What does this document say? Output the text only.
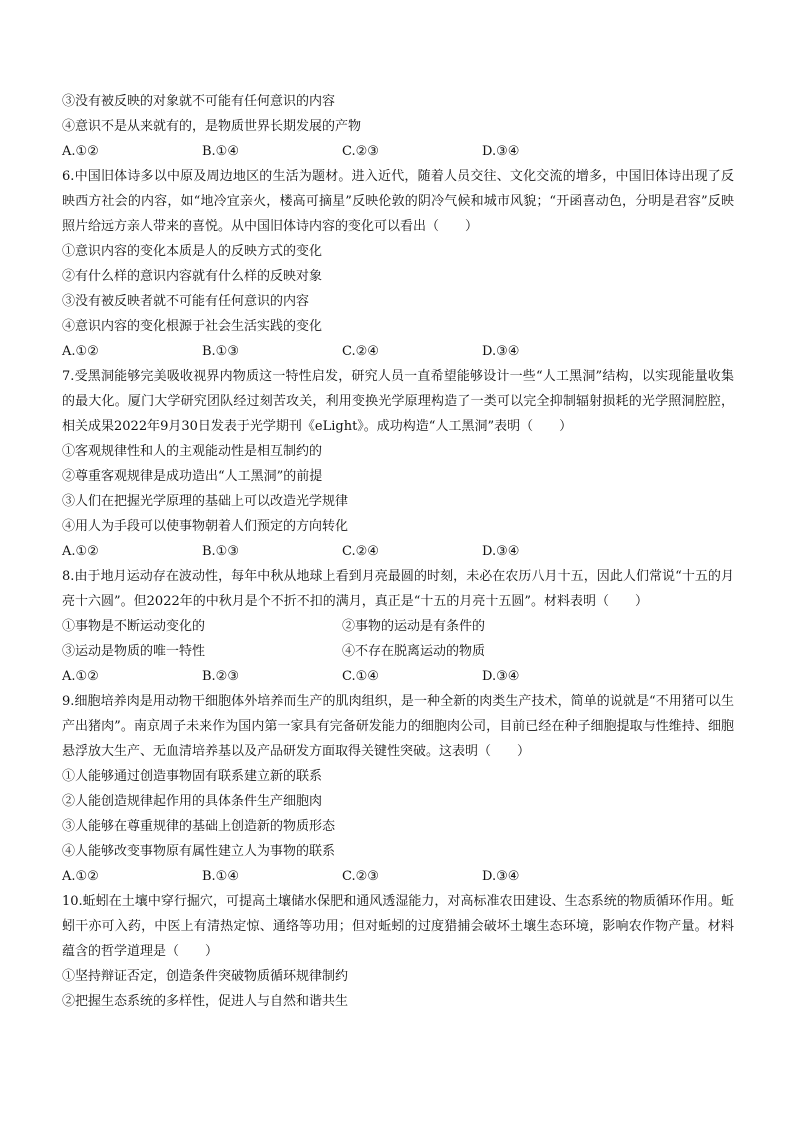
③没有被反映的对象就不可能有任何意识的内容
④意识不是从来就有的，是物质世界长期发展的产物
A.①②	B.①④	C.②③	D.③④
6.中国旧体诗多以中原及周边地区的生活为题材。进入近代，随着人员交往、文化交流的增多，中国旧体诗出现了反映西方社会的内容，如“地冷宜亲火，楼高可摘星”反映伦敦的阴冷气候和城市风貌；“开函喜动色，分明是君容”反映照片给远方亲人带来的喜悦。从中国旧体诗内容的变化可以看出（　　）
①意识内容的变化本质是人的反映方式的变化
②有什么样的意识内容就有什么样的反映对象
③没有被反映者就不可能有任何意识的内容
④意识内容的变化根源于社会生活实践的变化
A.①②	B.①③	C.②④	D.③④
7.受黑洞能够完美吸收视界内物质这一特性启发，研究人员一直希望能够设计一些“人工黑洞”结构，以实现能量收集的最大化。厦门大学研究团队经过刻苦攻关，利用变换光学原理构造了一类可以完全抑制辐射损耗的光学照洞腔腔，相关成果2022年9月30日发表于光学期刊《eLight》。成功构造“人工黑洞”表明（　　）
①客观规律性和人的主观能动性是相互制约的
②尊重客观规律是成功造出“人工黑洞”的前提
③人们在把握光学原理的基础上可以改造光学规律
④用人为手段可以使事物朝着人们预定的方向转化
A.①②	B.①③	C.②④	D.③④
8.由于地月运动存在波动性，每年中秋从地球上看到月亮最圆的时刻，未必在农历八月十五，因此人们常说“十五的月亮十六圆”。但2022年的中秋月是个不折不扣的满月，真正是“十五的月亮十五圆”。材料表明（　　）
①事物是不断运动变化的	②事物的运动是有条件的
③运动是物质的唯一特性	④不存在脱离运动的物质
A.①②	B.②③	C.①④	D.③④
9.细胞培养肉是用动物干细胞体外培养而生产的肌肉组织，是一种全新的肉类生产技术，简单的说就是“不用猪可以生产出猪肉”。南京周子未来作为国内第一家具有完备研发能力的细胞肉公司，目前已经在种子细胞提取与性维持、细胞悬浮放大生产、无血清培养基以及产品研发方面取得关键性突破。这表明（　　）
①人能够通过创造事物固有联系建立新的联系
②人能创造规律起作用的具体条件生产细胞肉
③人能够在尊重规律的基础上创造新的物质形态
④人能够改变事物原有属性建立人为事物的联系
A.①②	B.①④	C.②③	D.③④
10.蚯蚓在土壤中穿行掘穴，可提高土壤储水保肥和通风透湿能力，对高标准农田建设、生态系统的物质循环作用。蚯蚓干亦可入药，中医上有清热定惊、通络等功用；但对蚯蚓的过度猎捕会破坏土壤生态环境，影响农作物产量。材料蕴含的哲学道理是（　　）
①坚持辩证否定，创造条件突破物质循环规律制约
②把握生态系统的多样性，促进人与自然和谐共生
